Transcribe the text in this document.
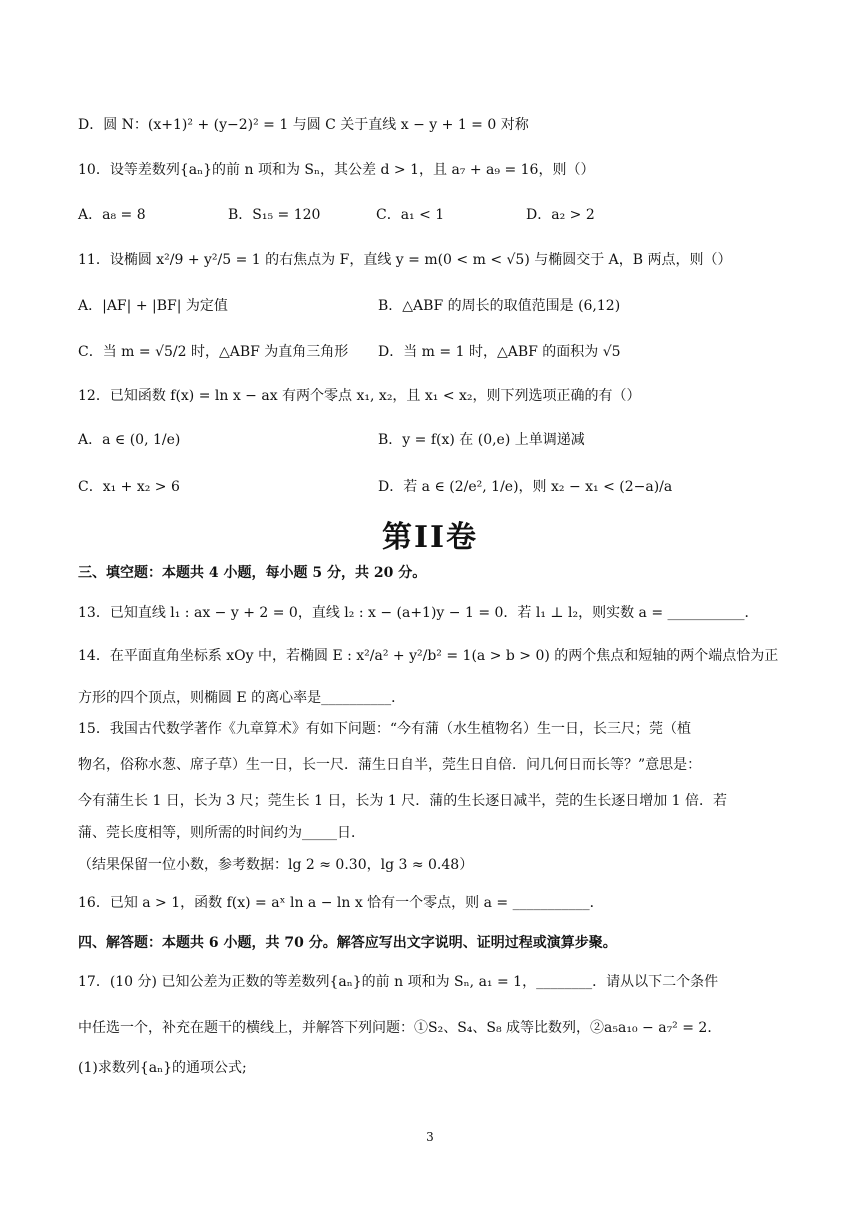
D．圆 N：(x+1)² + (y−2)² = 1 与圆 C 关于直线 x − y + 1 = 0 对称
10．设等差数列{aₙ}的前 n 项和为 Sₙ，其公差 d > 1，且 a₇ + a₉ = 16，则（）
A．a₈ = 8	B．S₁₅ = 120	C．a₁ < 1	D．a₂ > 2
11．设椭圆 x²/9 + y²/5 = 1 的右焦点为 F，直线 y = m(0 < m < √5) 与椭圆交于 A，B 两点，则（）
A．|AF| + |BF| 为定值	B．△ABF 的周长的取值范围是 (6,12)
C．当 m = √5/2 时，△ABF 为直角三角形 D．当 m = 1 时，△ABF 的面积为 √5
12．已知函数 f(x) = ln x − ax 有两个零点 x₁, x₂，且 x₁ < x₂，则下列选项正确的有（）
A．a ∈ (0, 1/e)	B．y = f(x) 在 (0,e) 上单调递减
C．x₁ + x₂ > 6	D．若 a ∈ (2/e², 1/e)，则 x₂ − x₁ < (2−a)/a
第II卷
三、填空题：本题共 4 小题，每小题 5 分，共 20 分。
13．已知直线 l₁ : ax − y + 2 = 0，直线 l₂ : x − (a+1)y − 1 = 0．若 l₁ ⊥ l₂，则实数 a = ___________．
14．在平面直角坐标系 xOy 中，若椭圆 E : x²/a² + y²/b² = 1(a > b > 0) 的两个焦点和短轴的两个端点恰为正
方形的四个顶点，则椭圆 E 的离心率是__________．
15．我国古代数学著作《九章算术》有如下问题：“今有蒲（水生植物名）生一日，长三尺；莞（植
物名，俗称水葱、席子草）生一日，长一尺．蒲生日自半，莞生日自倍．问几何日而长等？”意思是：
今有蒲生长 1 日，长为 3 尺；莞生长 1 日，长为 1 尺．蒲的生长逐日减半，莞的生长逐日增加 1 倍．若
蒲、莞长度相等，则所需的时间约为_____日．
（结果保留一位小数，参考数据：lg 2 ≈ 0.30，lg 3 ≈ 0.48）
16．已知 a > 1，函数 f(x) = aˣ ln a − ln x 恰有一个零点，则 a = ___________．
四、解答题：本题共 6 小题，共 70 分。解答应写出文字说明、证明过程或演算步聚。
17．(10 分) 已知公差为正数的等差数列{aₙ}的前 n 项和为 Sₙ, a₁ = 1，________．请从以下二个条件
中任选一个，补充在题干的横线上，并解答下列问题：①S₂、S₄、S₈ 成等比数列，②a₅a₁₀ − a₇² = 2．
(1)求数列{aₙ}的通项公式;
3
